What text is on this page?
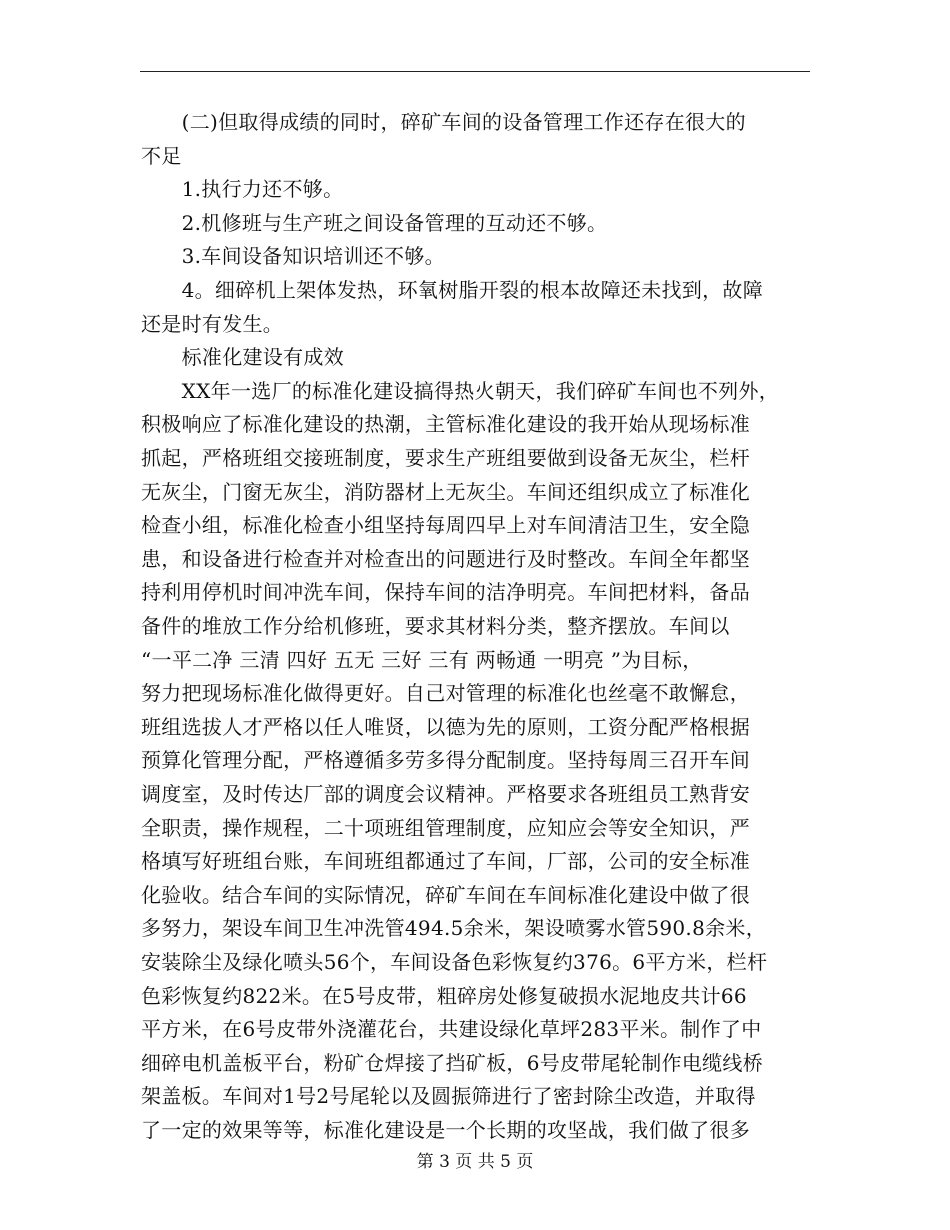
　　(二)但取得成绩的同时，碎矿车间的设备管理工作还存在很大的
不足
　　1.执行力还不够。
　　2.机修班与生产班之间设备管理的互动还不够。
　　3.车间设备知识培训还不够。
　　4。细碎机上架体发热，环氧树脂开裂的根本故障还未找到，故障
还是时有发生。
　　标准化建设有成效
　　XX年一选厂的标准化建设搞得热火朝天，我们碎矿车间也不列外，
积极响应了标准化建设的热潮，主管标准化建设的我开始从现场标准
抓起，严格班组交接班制度，要求生产班组要做到设备无灰尘，栏杆
无灰尘，门窗无灰尘，消防器材上无灰尘。车间还组织成立了标准化
检查小组，标准化检查小组坚持每周四早上对车间清洁卫生，安全隐
患，和设备进行检查并对检查出的问题进行及时整改。车间全年都坚
持利用停机时间冲洗车间，保持车间的洁净明亮。车间把材料，备品
备件的堆放工作分给机修班，要求其材料分类，整齐摆放。车间以
“一平二净 三清 四好 五无 三好 三有 两畅通 一明亮 ”为目标，
努力把现场标准化做得更好。自己对管理的标准化也丝毫不敢懈怠，
班组选拔人才严格以任人唯贤，以德为先的原则，工资分配严格根据
预算化管理分配，严格遵循多劳多得分配制度。坚持每周三召开车间
调度室，及时传达厂部的调度会议精神。严格要求各班组员工熟背安
全职责，操作规程，二十项班组管理制度，应知应会等安全知识，严
格填写好班组台账，车间班组都通过了车间，厂部，公司的安全标准
化验收。结合车间的实际情况，碎矿车间在车间标准化建设中做了很
多努力，架设车间卫生冲洗管494.5余米，架设喷雾水管590.8余米，
安装除尘及绿化喷头56个，车间设备色彩恢复约376。6平方米，栏杆
色彩恢复约822米。在5号皮带，粗碎房处修复破损水泥地皮共计66
平方米，在6号皮带外浇灌花台，共建设绿化草坪283平米。制作了中
细碎电机盖板平台，粉矿仓焊接了挡矿板，6号皮带尾轮制作电缆线桥
架盖板。车间对1号2号尾轮以及圆振筛进行了密封除尘改造，并取得
了一定的效果等等，标准化建设是一个长期的攻坚战，我们做了很多
第 3 页 共 5 页
